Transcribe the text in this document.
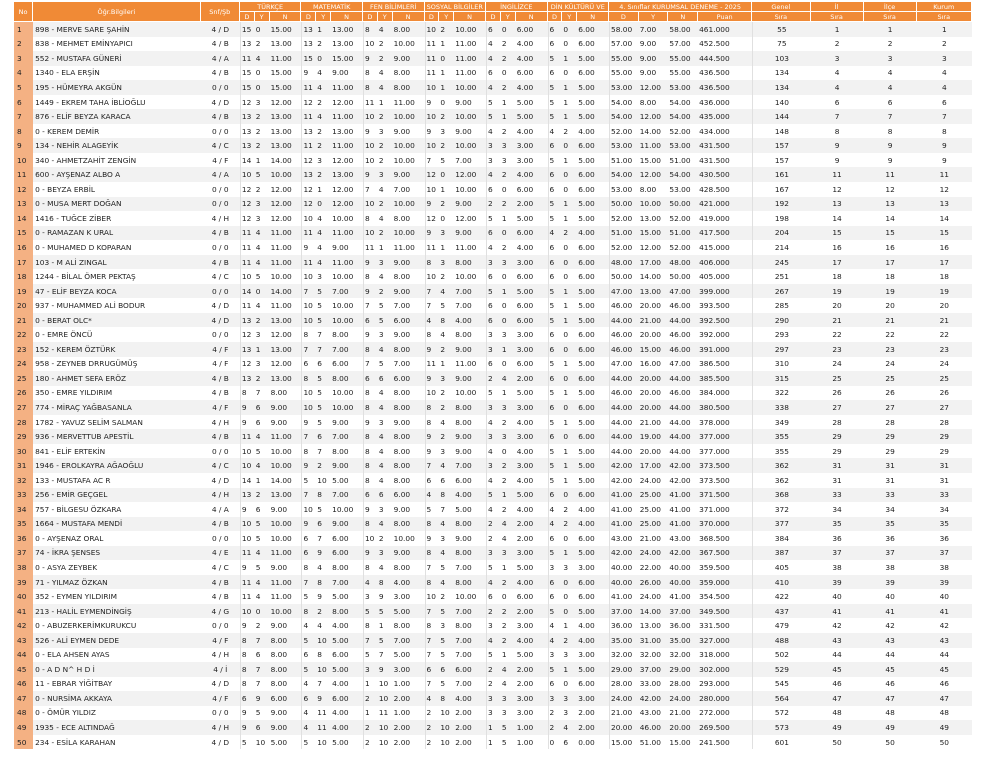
No	Öğr.Bilgileri	Snf/Şb	TÜRKÇE			MATEMATİK			FEN BİLİMLERİ			SOSYAL BİLGİLER			İNGİLİZCE			DİN KÜLTÜRÜ VE			4. Sınıflar KURUMSAL DENEME - 2025				Genel	İl	İlçe	Kurum
			D	Y	N	D	Y	N	D	Y	N	D	Y	N	D	Y	N	D	Y	N	D	Y	N	Puan	Sıra	Sıra	Sıra	Sıra
1	898 - MERVE SARE ŞAHİN	4 / D	15	0	15.00	13	1	13.00	8	4	8.00	10	2	10.00	6	0	6.00	6	0	6.00	58.00	7.00	58.00	461.000	55	1	1	1
2	838 - MEHMET EMİNYAPICI	4 / B	13	2	13.00	13	2	13.00	10	2	10.00	11	1	11.00	4	2	4.00	6	0	6.00	57.00	9.00	57.00	452.500	75	2	2	2
3	552 - MUSTAFA GÜNERİ	4 / A	11	4	11.00	15	0	15.00	9	2	9.00	11	0	11.00	4	2	4.00	5	1	5.00	55.00	9.00	55.00	444.500	103	3	3	3
4	1340 - ELA ERŞİN	4 / B	15	0	15.00	9	4	9.00	8	4	8.00	11	1	11.00	6	0	6.00	6	0	6.00	55.00	9.00	55.00	436.500	134	4	4	4
5	195 - HÜMEYRA AKGÜN	0 / 0	15	0	15.00	11	4	11.00	8	4	8.00	10	1	10.00	4	2	4.00	5	1	5.00	53.00	12.00	53.00	436.500	134	4	4	4
6	1449 - EKREM TAHA İBLİOĞLU	4 / D	12	3	12.00	12	2	12.00	11	1	11.00	9	0	9.00	5	1	5.00	5	1	5.00	54.00	8.00	54.00	436.000	140	6	6	6
7	876 - ELİF BEYZA KARACA	4 / B	13	2	13.00	11	4	11.00	10	2	10.00	10	2	10.00	5	1	5.00	5	1	5.00	54.00	12.00	54.00	435.000	144	7	7	7
8	0 - KEREM DEMİR	0 / 0	13	2	13.00	13	2	13.00	9	3	9.00	9	3	9.00	4	2	4.00	4	2	4.00	52.00	14.00	52.00	434.000	148	8	8	8
9	134 - NEHİR ALAGEYİK	4 / C	13	2	13.00	11	2	11.00	10	2	10.00	10	2	10.00	3	3	3.00	6	0	6.00	53.00	11.00	53.00	431.500	157	9	9	9
10	340 - AHMETZAHİT ZENGİN	4 / F	14	1	14.00	12	3	12.00	10	2	10.00	7	5	7.00	3	3	3.00	5	1	5.00	51.00	15.00	51.00	431.500	157	9	9	9
11	600 - AYŞENAZ ALBO A	4 / A	10	5	10.00	13	2	13.00	9	3	9.00	12	0	12.00	4	2	4.00	6	0	6.00	54.00	12.00	54.00	430.500	161	11	11	11
12	0 - BEYZA ERBİL	0 / 0	12	2	12.00	12	1	12.00	7	4	7.00	10	1	10.00	6	0	6.00	6	0	6.00	53.00	8.00	53.00	428.500	167	12	12	12
13	0 - MUSA MERT DOĞAN	0 / 0	12	3	12.00	12	0	12.00	10	2	10.00	9	2	9.00	2	2	2.00	5	1	5.00	50.00	10.00	50.00	421.000	192	13	13	13
14	1416 - TUĞCE ZİBER	4 / H	12	3	12.00	10	4	10.00	8	4	8.00	12	0	12.00	5	1	5.00	5	1	5.00	52.00	13.00	52.00	419.000	198	14	14	14
15	0 - RAMAZAN K URAL	4 / B	11	4	11.00	11	4	11.00	10	2	10.00	9	3	9.00	6	0	6.00	4	2	4.00	51.00	15.00	51.00	417.500	204	15	15	15
16	0 - MUHAMED D KOPARAN	0 / 0	11	4	11.00	9	4	9.00	11	1	11.00	11	1	11.00	4	2	4.00	6	0	6.00	52.00	12.00	52.00	415.000	214	16	16	16
17	103 - M ALİ ZINGAL	4 / B	11	4	11.00	11	4	11.00	9	3	9.00	8	3	8.00	3	3	3.00	6	0	6.00	48.00	17.00	48.00	406.000	245	17	17	17
18	1244 - BİLAL ÖMER PEKTAŞ	4 / C	10	5	10.00	10	3	10.00	8	4	8.00	10	2	10.00	6	0	6.00	6	0	6.00	50.00	14.00	50.00	405.000	251	18	18	18
19	47 - ELİF BEYZA KOCA	0 / 0	14	0	14.00	7	5	7.00	9	2	9.00	7	4	7.00	5	1	5.00	5	1	5.00	47.00	13.00	47.00	399.000	267	19	19	19
20	937 - MUHAMMED ALİ BODUR	4 / D	11	4	11.00	10	5	10.00	7	5	7.00	7	5	7.00	6	0	6.00	5	1	5.00	46.00	20.00	46.00	393.500	285	20	20	20
21	0 - BERAT OLC*	4 / D	13	2	13.00	10	5	10.00	6	5	6.00	4	8	4.00	6	0	6.00	5	1	5.00	44.00	21.00	44.00	392.500	290	21	21	21
22	0 - EMRE ÖNCÜ	0 / 0	12	3	12.00	8	7	8.00	9	3	9.00	8	4	8.00	3	3	3.00	6	0	6.00	46.00	20.00	46.00	392.000	293	22	22	22
23	152 - KEREM ÖZTÜRK	4 / F	13	1	13.00	7	7	7.00	8	4	8.00	9	2	9.00	3	1	3.00	6	0	6.00	46.00	15.00	46.00	391.000	297	23	23	23
24	958 - ZEYNEB DRRUGÜMÜŞ	4 / F	12	3	12.00	6	6	6.00	7	5	7.00	11	1	11.00	6	0	6.00	5	1	5.00	47.00	16.00	47.00	386.500	310	24	24	24
25	180 - AHMET SEFA ERÖZ	4 / B	13	2	13.00	8	5	8.00	6	6	6.00	9	3	9.00	2	4	2.00	6	0	6.00	44.00	20.00	44.00	385.500	315	25	25	25
26	350 - EMRE YILDIRIM	4 / B	8	7	8.00	10	5	10.00	8	4	8.00	10	2	10.00	5	1	5.00	5	1	5.00	46.00	20.00	46.00	384.000	322	26	26	26
27	774 - MİRAÇ YAĞBASANLA	4 / F	9	6	9.00	10	5	10.00	8	4	8.00	8	2	8.00	3	3	3.00	6	0	6.00	44.00	20.00	44.00	380.500	338	27	27	27
28	1782 - YAVUZ SELİM SALMAN	4 / H	9	6	9.00	9	5	9.00	9	3	9.00	8	4	8.00	4	2	4.00	5	1	5.00	44.00	21.00	44.00	378.000	349	28	28	28
29	936 - MERVETTUB APESTİL	4 / B	11	4	11.00	7	6	7.00	8	4	8.00	9	2	9.00	3	3	3.00	6	0	6.00	44.00	19.00	44.00	377.000	355	29	29	29
30	841 - ELİF ERTEKİN	0 / 0	10	5	10.00	8	7	8.00	8	4	8.00	9	3	9.00	4	0	4.00	5	1	5.00	44.00	20.00	44.00	377.000	355	29	29	29
31	1946 - EROLKAYRA AĞAOĞLU	4 / C	10	4	10.00	9	2	9.00	8	4	8.00	7	4	7.00	3	2	3.00	5	1	5.00	42.00	17.00	42.00	373.500	362	31	31	31
32	133 - MUSTAFA AC R	4 / D	14	1	14.00	5	10	5.00	8	4	8.00	6	6	6.00	4	2	4.00	5	1	5.00	42.00	24.00	42.00	373.500	362	31	31	31
33	256 - EMİR GEÇGEL	4 / H	13	2	13.00	7	8	7.00	6	6	6.00	4	8	4.00	5	1	5.00	6	0	6.00	41.00	25.00	41.00	371.500	368	33	33	33
34	757 - BİLGESU ÖZKARA	4 / A	9	6	9.00	10	5	10.00	9	3	9.00	5	7	5.00	4	2	4.00	4	2	4.00	41.00	25.00	41.00	371.000	372	34	34	34
35	1664 - MUSTAFA MENDİ	4 / B	10	5	10.00	9	6	9.00	8	4	8.00	8	4	8.00	2	4	2.00	4	2	4.00	41.00	25.00	41.00	370.000	377	35	35	35
36	0 - AYŞENAZ ORAL	0 / 0	10	5	10.00	6	7	6.00	10	2	10.00	9	3	9.00	2	4	2.00	6	0	6.00	43.00	21.00	43.00	368.500	384	36	36	36
37	74 - İKRA ŞENSES	4 / E	11	4	11.00	6	9	6.00	9	3	9.00	8	4	8.00	3	3	3.00	5	1	5.00	42.00	24.00	42.00	367.500	387	37	37	37
38	0 - ASYA ZEYBEK	4 / C	9	5	9.00	8	4	8.00	8	4	8.00	7	5	7.00	5	1	5.00	3	3	3.00	40.00	22.00	40.00	359.500	405	38	38	38
39	71 - YILMAZ ÖZKAN	4 / B	11	4	11.00	7	8	7.00	4	8	4.00	8	4	8.00	4	2	4.00	6	0	6.00	40.00	26.00	40.00	359.000	410	39	39	39
40	352 - EYMEN YILDIRIM	4 / B	11	4	11.00	5	9	5.00	3	9	3.00	10	2	10.00	6	0	6.00	6	0	6.00	41.00	24.00	41.00	354.500	422	40	40	40
41	213 - HALİL EYMENDİNGİŞ	4 / G	10	0	10.00	8	2	8.00	5	5	5.00	7	5	7.00	2	2	2.00	5	0	5.00	37.00	14.00	37.00	349.500	437	41	41	41
42	0 - ABUZERKERİMKURUKCU	0 / 0	9	2	9.00	4	4	4.00	8	1	8.00	8	3	8.00	3	2	3.00	4	1	4.00	36.00	13.00	36.00	331.500	479	42	42	42
43	526 - ALİ EYMEN DEDE	4 / F	8	7	8.00	5	10	5.00	7	5	7.00	7	5	7.00	4	2	4.00	4	2	4.00	35.00	31.00	35.00	327.000	488	43	43	43
44	0 - ELA AHSEN AYAS	4 / H	8	6	8.00	6	8	6.00	5	7	5.00	7	5	7.00	5	1	5.00	3	3	3.00	32.00	32.00	32.00	318.000	502	44	44	44
45	0 - A D N^ H D İ	4 / İ	8	7	8.00	5	10	5.00	3	9	3.00	6	6	6.00	2	4	2.00	5	1	5.00	29.00	37.00	29.00	302.000	529	45	45	45
46	11 - EBRAR YİĞİTBAY	4 / D	8	7	8.00	4	7	4.00	1	10	1.00	7	5	7.00	2	4	2.00	6	0	6.00	28.00	33.00	28.00	293.000	545	46	46	46
47	0 - NURSİMA AKKAYA	4 / F	6	9	6.00	6	9	6.00	2	10	2.00	4	8	4.00	3	3	3.00	3	3	3.00	24.00	42.00	24.00	280.000	564	47	47	47
48	0 - ÖMÜR YILDIZ	0 / 0	9	5	9.00	4	11	4.00	1	11	1.00	2	10	2.00	3	3	3.00	2	3	2.00	21.00	43.00	21.00	272.000	572	48	48	48
49	1935 - ECE ALTINDAĞ	4 / H	9	6	9.00	4	11	4.00	2	10	2.00	2	10	2.00	1	5	1.00	2	4	2.00	20.00	46.00	20.00	269.500	573	49	49	49
50	234 - ESİLA KARAHAN	4 / D	5	10	5.00	5	10	5.00	2	10	2.00	2	10	2.00	1	5	1.00	0	6	0.00	15.00	51.00	15.00	241.500	601	50	50	50
